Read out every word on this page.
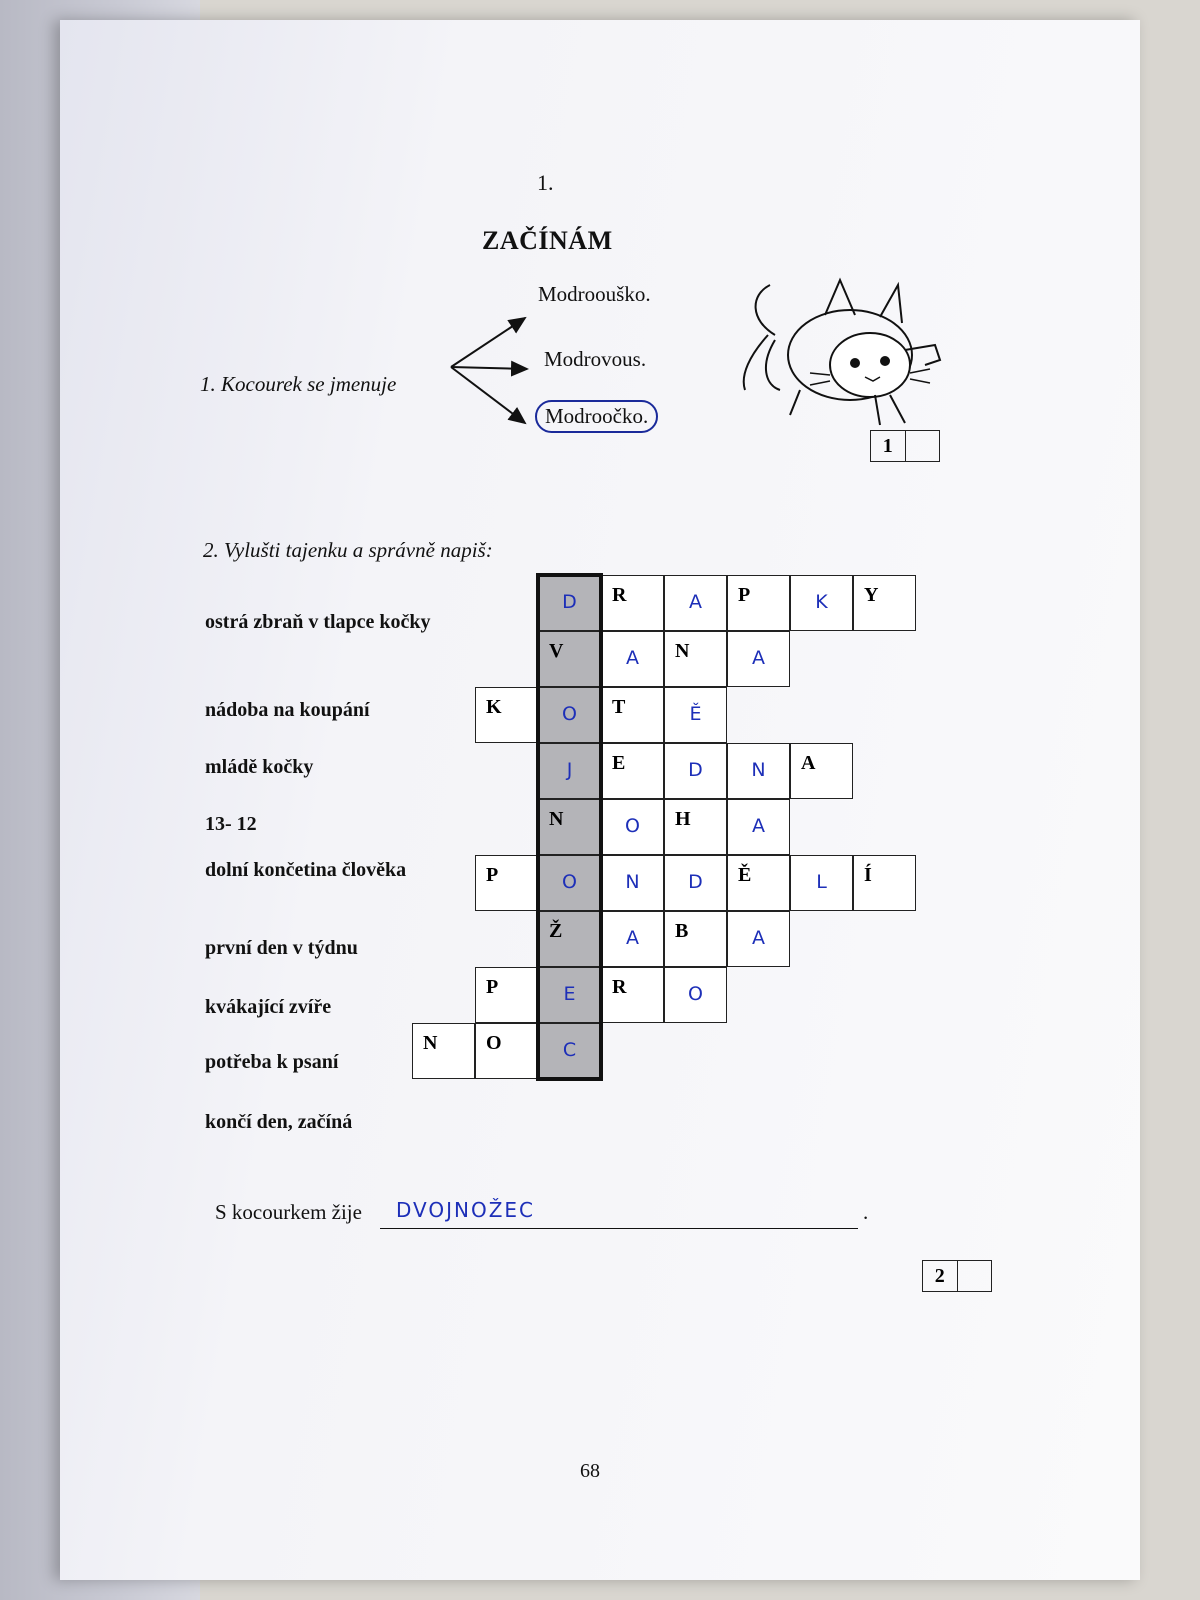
1.
ZAČÍNÁM
1. Kocourek se jmenuje
Modroouško.
Modrovous.
Modroočko.
1
2. Vylušti tajenku a správně napiš:
ostrá zbraň v tlapce kočky
nádoba na koupání
mládě kočky
13- 12
dolní končetina člověka
první den v týdnu
kvákající zvíře
potřeba k psaní
končí den, začíná
D	R	A	P	K	Y
V	A	N	A
K	O	T	Ě
J	E	D	N	A
N	O	H	A
P	O	N	D	Ě	L	Í
Ž	A	B	A
P	E	R	O
N	O	C
S kocourkem žije DVOJNOŽEC	.
2
68
